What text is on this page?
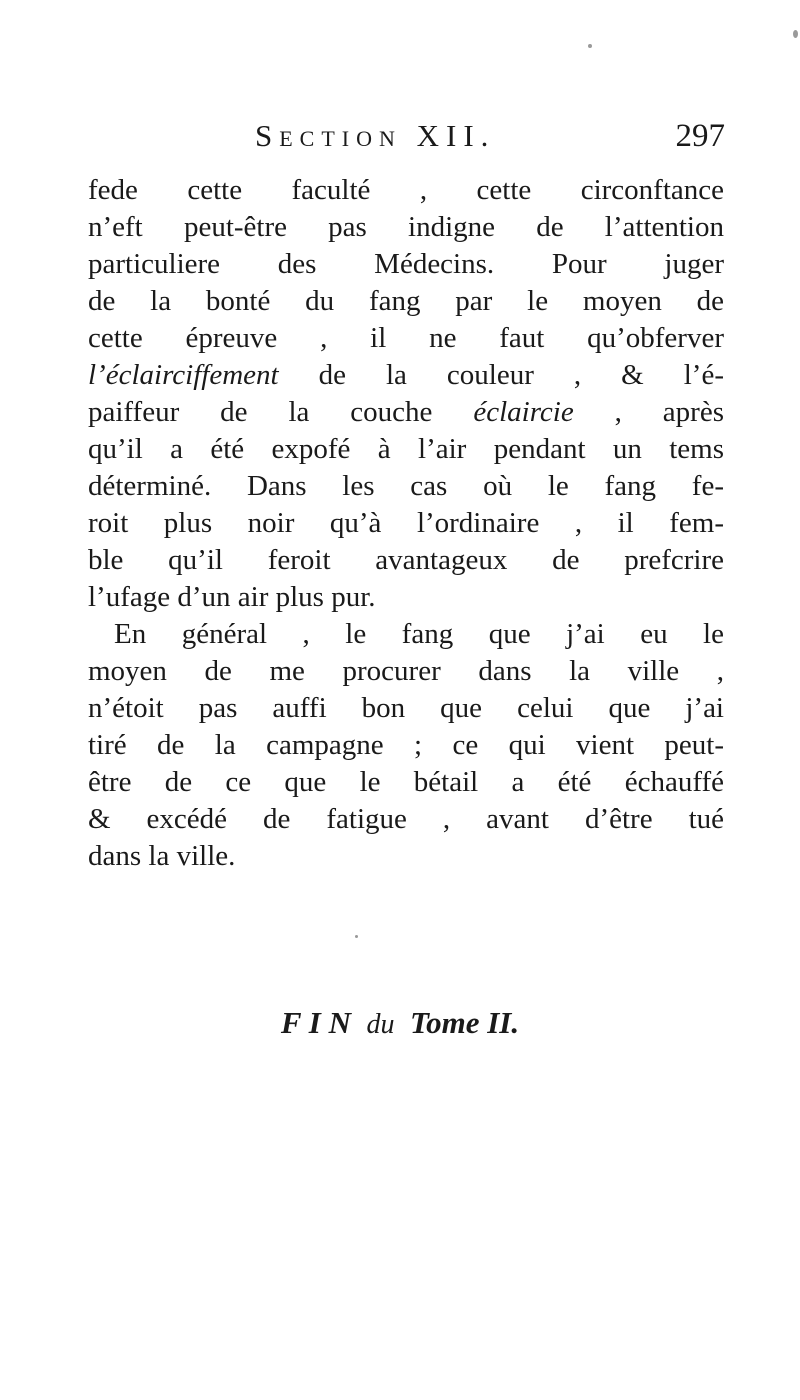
Section XII.	297
fede cette faculté , cette circonftance
n’eft peut-être pas indigne de l’attention
particuliere des Médecins. Pour juger
de la bonté du fang par le moyen de
cette épreuve , il ne faut qu’obferver
l’éclairciffement de la couleur , & l’é-
paiffeur de la couche éclaircie , après
qu’il a été expofé à l’air pendant un tems
déterminé. Dans les cas où le fang fe-
roit plus noir qu’à l’ordinaire , il fem-
ble qu’il feroit avantageux de prefcrire
l’ufage d’un air plus pur.
En général , le fang que j’ai eu le
moyen de me procurer dans la ville ,
n’étoit pas auffi bon que celui que j’ai
tiré de la campagne ; ce qui vient peut-
être de ce que le bétail a été échauffé
& excédé de fatigue , avant d’être tué
dans la ville.
F I N du Tome II.
